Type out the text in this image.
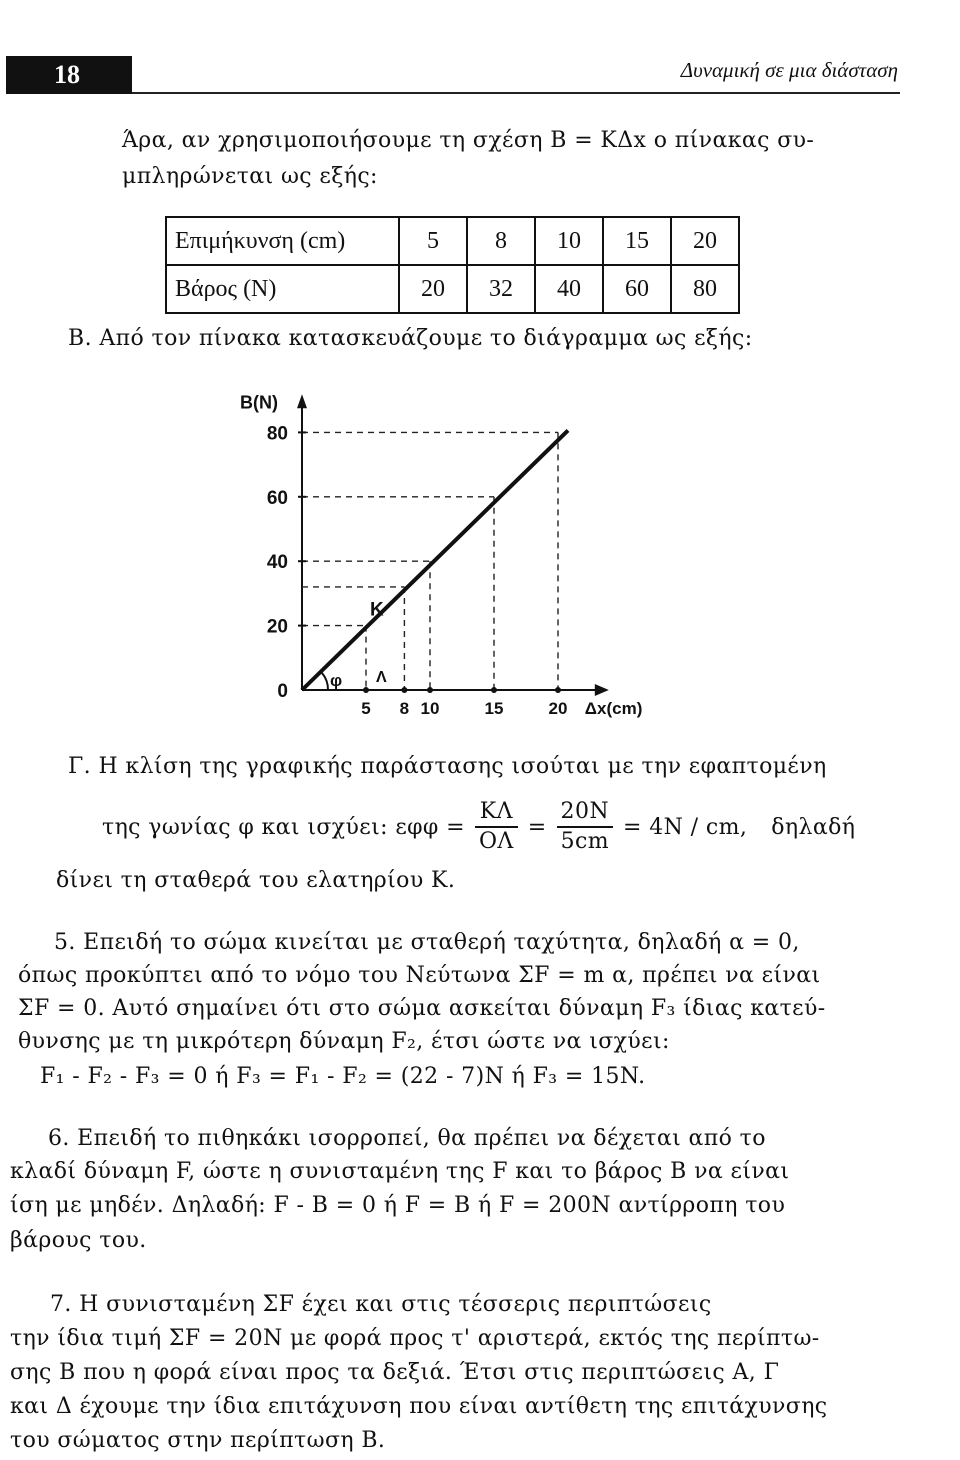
18	Δυναμική σε μια διάσταση
Άρα, αν χρησιμοποιήσουμε τη σχέση Β = ΚΔx ο πίνακας συ-
μπληρώνεται ως εξής:
Επιμήκυνση (cm)	5	8	10	15	20
Βάρος (Ν)	20	32	40	60	80
Β. Από τον πίνακα κατασκευάζουμε το διάγραμμα ως εξής:
0
20
40
60
80
5 8 10	15	20
B(N)
Δx(cm)
Κ
Λ
φ
Γ. Η κλίση της γραφικής παράστασης ισούται με την εφαπτομένη
της γωνίας φ και ισχύει: $\varepsilon\varphi\varphi = \frac{K\Lambda}{O\Lambda} = \frac{20N}{5cm} = 4N$ / cm, δηλαδή
δίνει τη σταθερά του ελατηρίου Κ.
5. Επειδή το σώμα κινείται με σταθερή ταχύτητα, δηλαδή α = 0,
όπως προκύπτει από το νόμο του Νεύτωνα ΣF = m α, πρέπει να είναι
ΣF = 0. Αυτό σημαίνει ότι στο σώμα ασκείται δύναμη F₃ ίδιας κατεύ-
θυνσης με τη μικρότερη δύναμη F₂, έτσι ώστε να ισχύει:
F₁ - F₂ - F₃ = 0 ή F₃ = F₁ - F₂ = (22 - 7)N ή F₃ = 15N.
6. Επειδή το πιθηκάκι ισορροπεί, θα πρέπει να δέχεται από το
κλαδί δύναμη F, ώστε η συνισταμένη της F και το βάρος Β να είναι
ίση με μηδέν. Δηλαδή: F - B = 0 ή F = B ή F = 200N αντίρροπη του
βάρους του.
7. Η συνισταμένη ΣF έχει και στις τέσσερις περιπτώσεις
την ίδια τιμή ΣF = 20N με φορά προς τ' αριστερά, εκτός της περίπτω-
σης Β που η φορά είναι προς τα δεξιά. Έτσι στις περιπτώσεις Α, Γ
και Δ έχουμε την ίδια επιτάχυνση που είναι αντίθετη της επιτάχυνσης
του σώματος στην περίπτωση Β.
